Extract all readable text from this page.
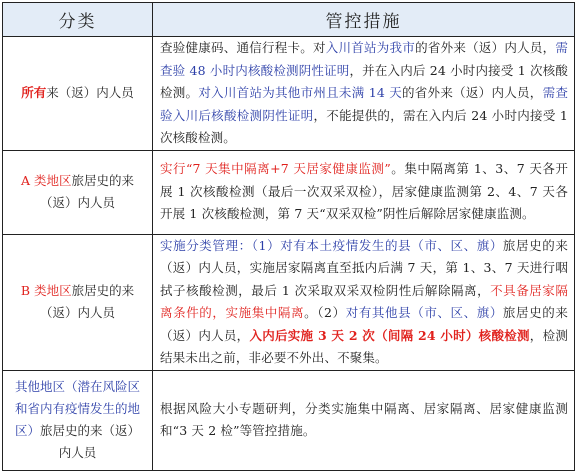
分类	管控措施
所有来（返）内人员	查验健康码、通信行程卡。对入川首站为我市的省外来（返）内人员，需查验 48 小时内核酸检测阴性证明，并在入内后 24 小时内接受 1 次核酸检测。对入川首站为其他市州且未满 14 天的省外来（返）内人员，需查验入川后核酸检测阴性证明，不能提供的，需在入内后 24 小时内接受 1 次核酸检测。
A 类地区旅居史的来（返）内人员	实行“7 天集中隔离+7 天居家健康监测”。集中隔离第 1、3、7 天各开展 1 次核酸检测（最后一次双采双检），居家健康监测第 2、4、7 天各开展 1 次核酸检测，第 7 天“双采双检”阴性后解除居家健康监测。
B 类地区旅居史的来（返）内人员	实施分类管理：（1）对有本土疫情发生的县（市、区、旗）旅居史的来（返）内人员，实施居家隔离直至抵内后满 7 天，第 1、3、7 天进行咽拭子核酸检测，最后 1 次采取双采双检阴性后解除隔离，不具备居家隔离条件的，实施集中隔离。（2）对有其他县（市、区、旗）旅居史的来（返）内人员，入内后实施 3 天 2 次（间隔 24 小时）核酸检测，检测结果未出之前，非必要不外出、不聚集。
其他地区（潜在风险区和省内有疫情发生的地区）旅居史的来（返）内人员	根据风险大小专题研判，分类实施集中隔离、居家隔离、居家健康监测和“3 天 2 检”等管控措施。
